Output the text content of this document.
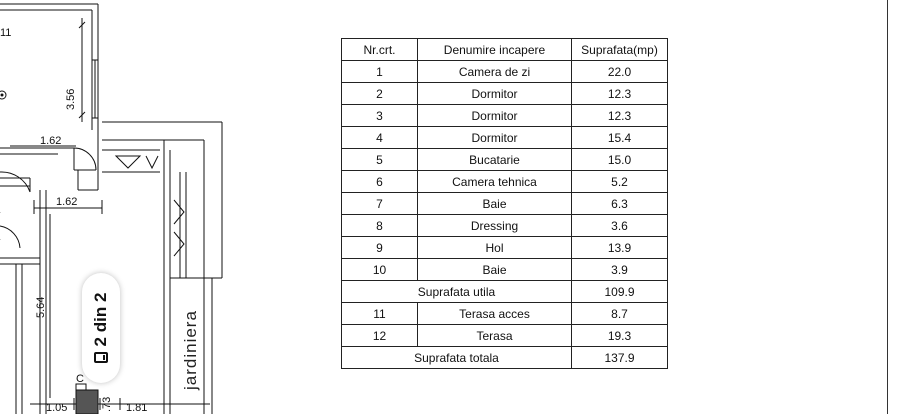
11
3.56
1.62
1.62
5.64
1.05	.73 1.81
C	jardiniera
2 din 2
Nr.crt.	Denumire incapere	Suprafata(mp)
1	Camera de zi	22.0
2	Dormitor	12.3
3	Dormitor	12.3
4	Dormitor	15.4
5	Bucatarie	15.0
6	Camera tehnica	5.2
7	Baie	6.3
8	Dressing	3.6
9	Hol	13.9
10	Baie	3.9
Suprafata utila		109.9
11	Terasa acces	8.7
12	Terasa	19.3
Suprafata totala		137.9
